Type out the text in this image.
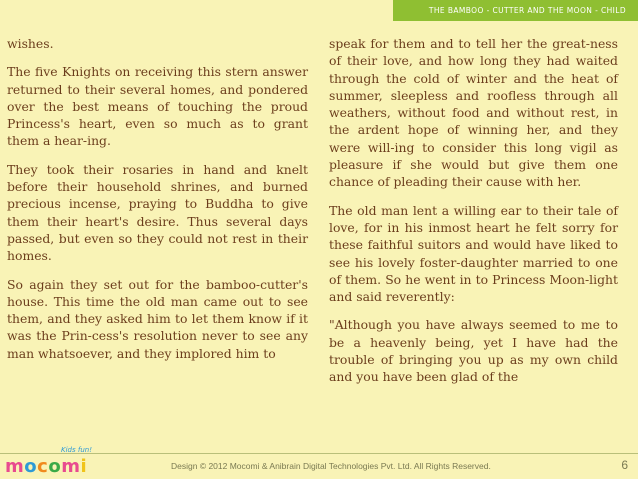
THE BAMBOO - CUTTER AND THE MOON - CHILD

wishes.

The five Knights on receiving this stern answer returned to their several homes, and pondered over the best means of touching the proud Princess's heart, even so much as to grant them a hear-ing.

They took their rosaries in hand and knelt before their household shrines, and burned precious incense, praying to Buddha to give them their heart's desire. Thus several days passed, but even so they could not rest in their homes.

So again they set out for the bamboo-cutter's house. This time the old man came out to see them, and they asked him to let them know if it was the Prin-cess's resolution never to see any man whatsoever, and they implored him to

speak for them and to tell her the great-ness of their love, and how long they had waited through the cold of winter and the heat of summer, sleepless and roofless through all weathers, without food and without rest, in the ardent hope of winning her, and they were will-ing to consider this long vigil as pleasure if she would but give them one chance of pleading their cause with her.

The old man lent a willing ear to their tale of love, for in his inmost heart he felt sorry for these faithful suitors and would have liked to see his lovely foster-daughter married to one of them. So he went in to Princess Moon-light and said reverently:

"Although you have always seemed to me to be a heavenly being, yet I have had the trouble of bringing you up as my own child and you have been glad of the

Kids fun!
mocomi	Design © 2012 Mocomi & Anibrain Digital Technologies Pvt. Ltd. All Rights Reserved.	6
